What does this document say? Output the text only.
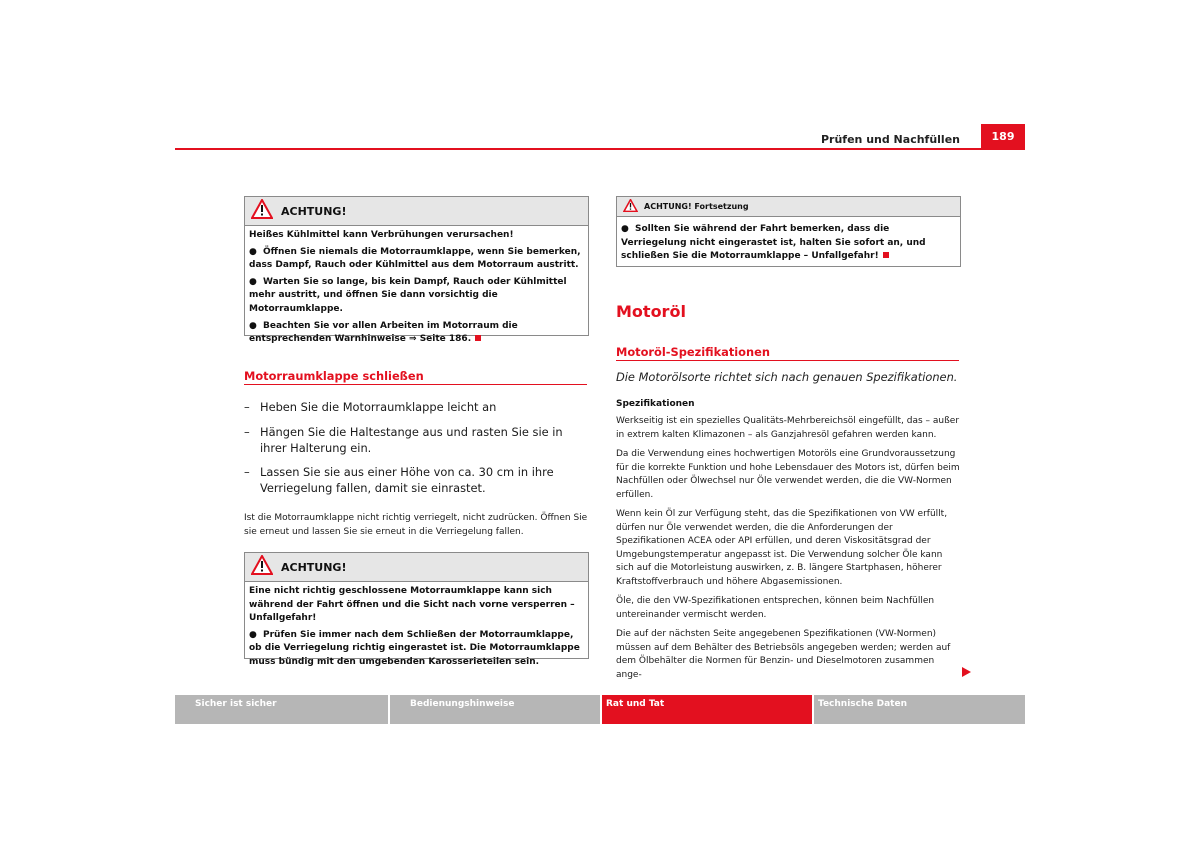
Prüfen und Nachfüllen	189
ACHTUNG!

Heißes Kühlmittel kann Verbrühungen verursachen!

● Öffnen Sie niemals die Motorraumklappe, wenn Sie bemerken, dass Dampf, Rauch oder Kühlmittel aus dem Motorraum austritt.

● Warten Sie so lange, bis kein Dampf, Rauch oder Kühlmittel mehr austritt, und öffnen Sie dann vorsichtig die Motorraumklappe.

● Beachten Sie vor allen Arbeiten im Motorraum die entsprechenden Warnhinweise ⇒ Seite 186.

Motorraumklappe schließen
– Heben Sie die Motorraumklappe leicht an
– Hängen Sie die Haltestange aus und rasten Sie sie in ihrer Halterung ein.
– Lassen Sie sie aus einer Höhe von ca. 30 cm in ihre Verriegelung fallen, damit sie einrastet.

Ist die Motorraumklappe nicht richtig verriegelt, nicht zudrücken. Öffnen Sie sie erneut und lassen Sie sie erneut in die Verriegelung fallen.

ACHTUNG!

Eine nicht richtig geschlossene Motorraumklappe kann sich während der Fahrt öffnen und die Sicht nach vorne versperren – Unfallgefahr!

● Prüfen Sie immer nach dem Schließen der Motorraumklappe, ob die Verriegelung richtig eingerastet ist. Die Motorraumklappe muss bündig mit den umgebenden Karosserieteilen sein.

ACHTUNG! Fortsetzung

● Sollten Sie während der Fahrt bemerken, dass die Verriegelung nicht eingerastet ist, halten Sie sofort an, und schließen Sie die Motorraumklappe – Unfallgefahr!

Motoröl
Motoröl-Spezifikationen
Die Motorölsorte richtet sich nach genauen Spezifikationen.
Spezifikationen

Werkseitig ist ein spezielles Qualitäts-Mehrbereichsöl eingefüllt, das – außer in extrem kalten Klimazonen – als Ganzjahresöl gefahren werden kann.

Da die Verwendung eines hochwertigen Motoröls eine Grundvoraussetzung für die korrekte Funktion und hohe Lebensdauer des Motors ist, dürfen beim Nachfüllen oder Ölwechsel nur Öle verwendet werden, die die VW-Normen erfüllen.

Wenn kein Öl zur Verfügung steht, das die Spezifikationen von VW erfüllt, dürfen nur Öle verwendet werden, die die Anforderungen der Spezifikationen ACEA oder API erfüllen, und deren Viskositätsgrad der Umgebungstemperatur angepasst ist. Die Verwendung solcher Öle kann sich auf die Motorleistung auswirken, z. B. längere Startphasen, höherer Kraftstoffverbrauch und höhere Abgasemissionen.

Öle, die den VW-Spezifikationen entsprechen, können beim Nachfüllen untereinander vermischt werden.

Die auf der nächsten Seite angegebenen Spezifikationen (VW-Normen) müssen auf dem Behälter des Betriebsöls angegeben werden; werden auf dem Ölbehälter die Normen für Benzin- und Dieselmotoren zusammen ange-

Sicher ist sicher	Bedienungshinweise	Rat und Tat	Technische Daten
